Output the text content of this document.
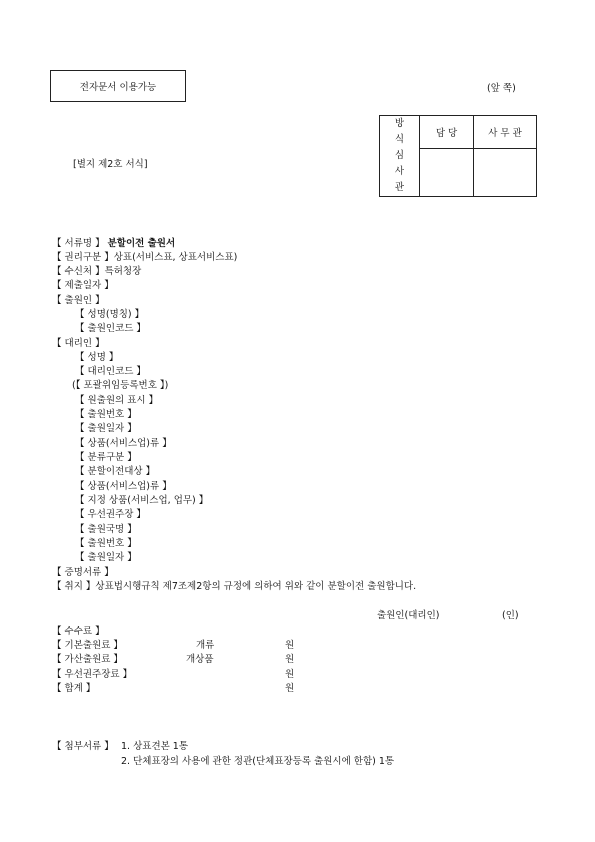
전자문서 이용가능	(앞 쪽)
방
식
심
사
관	담 당	사 무 관

[별지 제2호 서식]
【 서류명 】 분할이전 출원서
【 권리구분 】상표(서비스표, 상표서비스표)
【 수신처 】특허청장
【 제출일자 】
【 출원인 】
【 성명(명칭) 】
【 출원인코드 】
【 대리인 】
【 성명 】
【 대리인코드 】
(【 포괄위임등록번호 】)
【 원출원의 표시 】
【 출원번호 】
【 출원일자 】
【 상품(서비스업)류 】
【 분류구분 】
【 분할이전대상 】
【 상품(서비스업)류 】
【 지정 상품(서비스업, 업무) 】
【 우선권주장 】
【 출원국명 】
【 출원번호 】
【 출원일자 】
【 증명서류 】
【 취지 】상표법시행규칙 제7조제2항의 규정에 의하여 위와 같이 분할이전 출원합니다.
출원인(대리인)	(인)
【 수수료 】
【 기본출원료 】	개류	원
【 가산출원료 】	개상품	원
【 우선권주장료 】	원
【 합계 】	원
【 첨부서류 】 1. 상표견본 1통
2. 단체표장의 사용에 관한 정관(단체표장등록 출원시에 한함) 1통
